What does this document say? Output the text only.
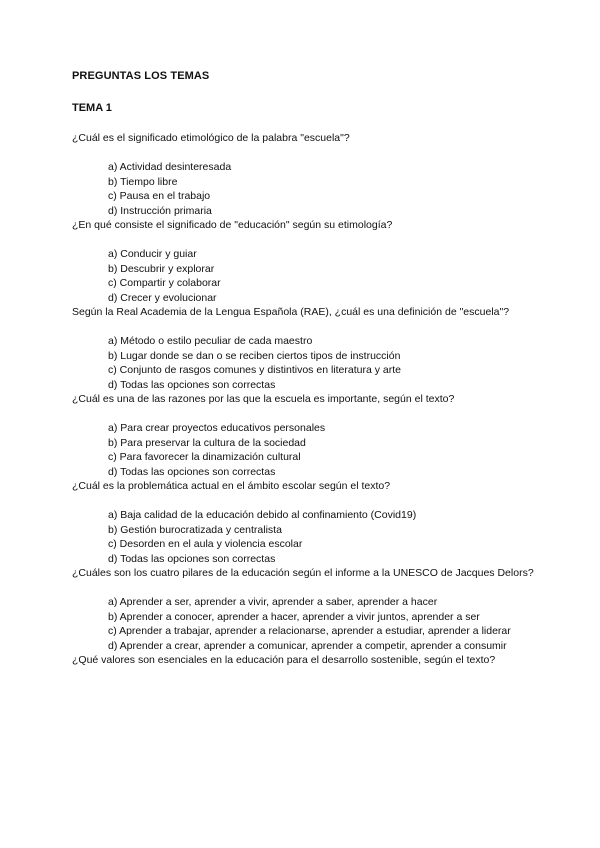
PREGUNTAS LOS TEMAS
TEMA 1

¿Cuál es el significado etimológico de la palabra "escuela"?

a) Actividad desinteresada
b) Tiempo libre
c) Pausa en el trabajo
d) Instrucción primaria

¿En qué consiste el significado de "educación" según su etimología?

a) Conducir y guiar
b) Descubrir y explorar
c) Compartir y colaborar
d) Crecer y evolucionar

Según la Real Academia de la Lengua Española (RAE), ¿cuál es una definición de "escuela"?

a) Método o estilo peculiar de cada maestro
b) Lugar donde se dan o se reciben ciertos tipos de instrucción
c) Conjunto de rasgos comunes y distintivos en literatura y arte
d) Todas las opciones son correctas

¿Cuál es una de las razones por las que la escuela es importante, según el texto?

a) Para crear proyectos educativos personales
b) Para preservar la cultura de la sociedad
c) Para favorecer la dinamización cultural
d) Todas las opciones son correctas

¿Cuál es la problemática actual en el ámbito escolar según el texto?

a) Baja calidad de la educación debido al confinamiento (Covid19)
b) Gestión burocratizada y centralista
c) Desorden en el aula y violencia escolar
d) Todas las opciones son correctas

¿Cuáles son los cuatro pilares de la educación según el informe a la UNESCO de Jacques Delors?

a) Aprender a ser, aprender a vivir, aprender a saber, aprender a hacer
b) Aprender a conocer, aprender a hacer, aprender a vivir juntos, aprender a ser
c) Aprender a trabajar, aprender a relacionarse, aprender a estudiar, aprender a liderar
d) Aprender a crear, aprender a comunicar, aprender a competir, aprender a consumir

¿Qué valores son esenciales en la educación para el desarrollo sostenible, según el texto?
